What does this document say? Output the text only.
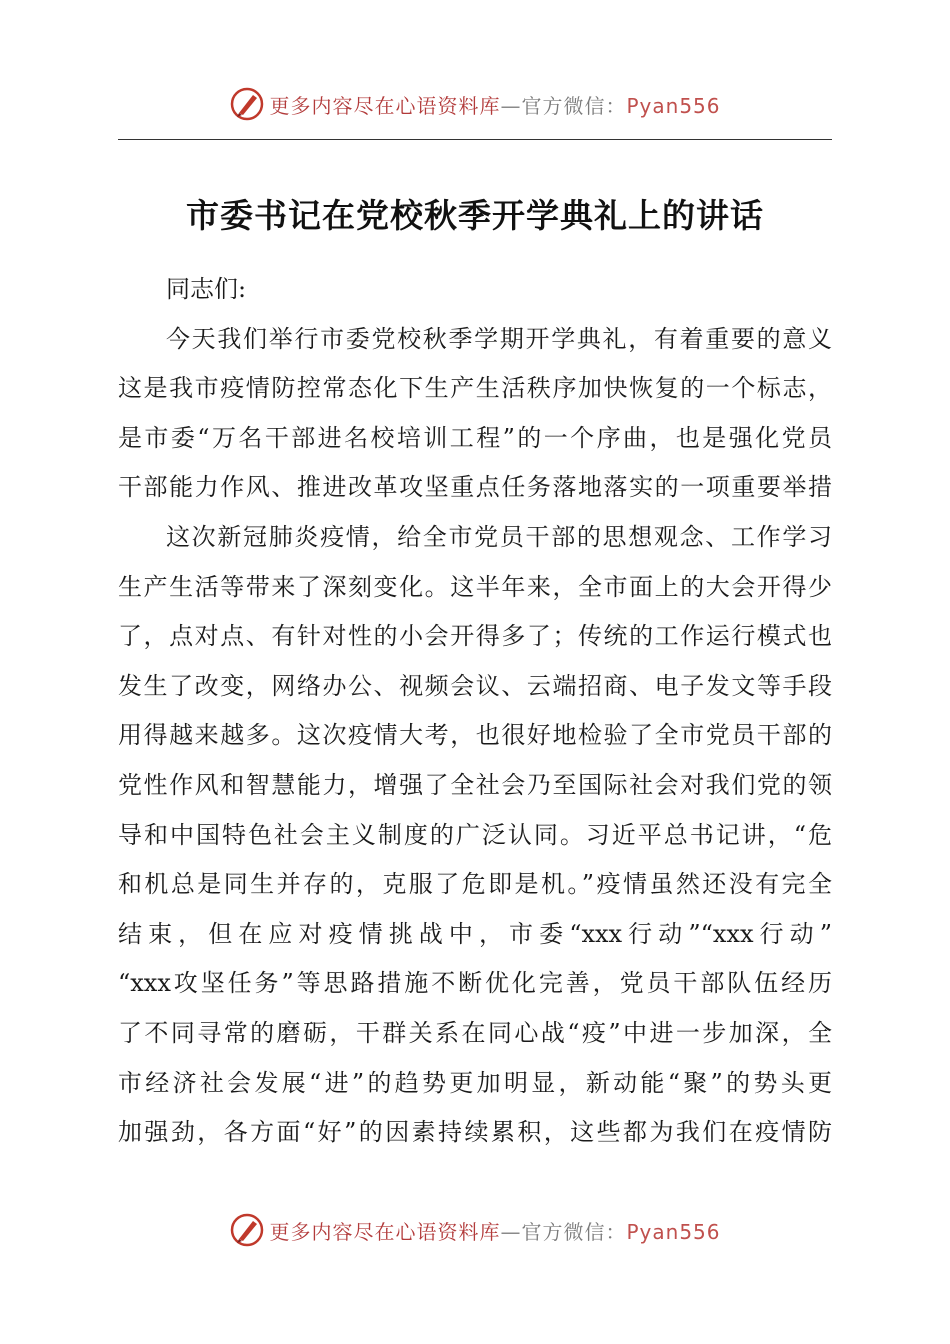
更多内容尽在心语资料库—官方微信：Pyan556
市委书记在党校秋季开学典礼上的讲话
同志们:
今天我们举行市委党校秋季学期开学典礼，有着重要的意义
这是我市疫情防控常态化下生产生活秩序加快恢复的一个标志，
是市委“万名干部进名校培训工程”的一个序曲，也是强化党员
干部能力作风、推进改革攻坚重点任务落地落实的一项重要举措
这次新冠肺炎疫情，给全市党员干部的思想观念、工作学习
生产生活等带来了深刻变化。这半年来，全市面上的大会开得少
了，点对点、有针对性的小会开得多了；传统的工作运行模式也
发生了改变，网络办公、视频会议、云端招商、电子发文等手段
用得越来越多。这次疫情大考，也很好地检验了全市党员干部的
党性作风和智慧能力，增强了全社会乃至国际社会对我们党的领
导和中国特色社会主义制度的广泛认同。习近平总书记讲，“危
和机总是同生并存的，克服了危即是机。”疫情虽然还没有完全
结束，但在应对疫情挑战中，市委“xxx行动”“xxx行动”
“xxx攻坚任务”等思路措施不断优化完善，党员干部队伍经历
了不同寻常的磨砺，干群关系在同心战“疫”中进一步加深，全
市经济社会发展“进”的趋势更加明显，新动能“聚”的势头更
加强劲，各方面“好”的因素持续累积，这些都为我们在疫情防
更多内容尽在心语资料库—官方微信：Pyan556
